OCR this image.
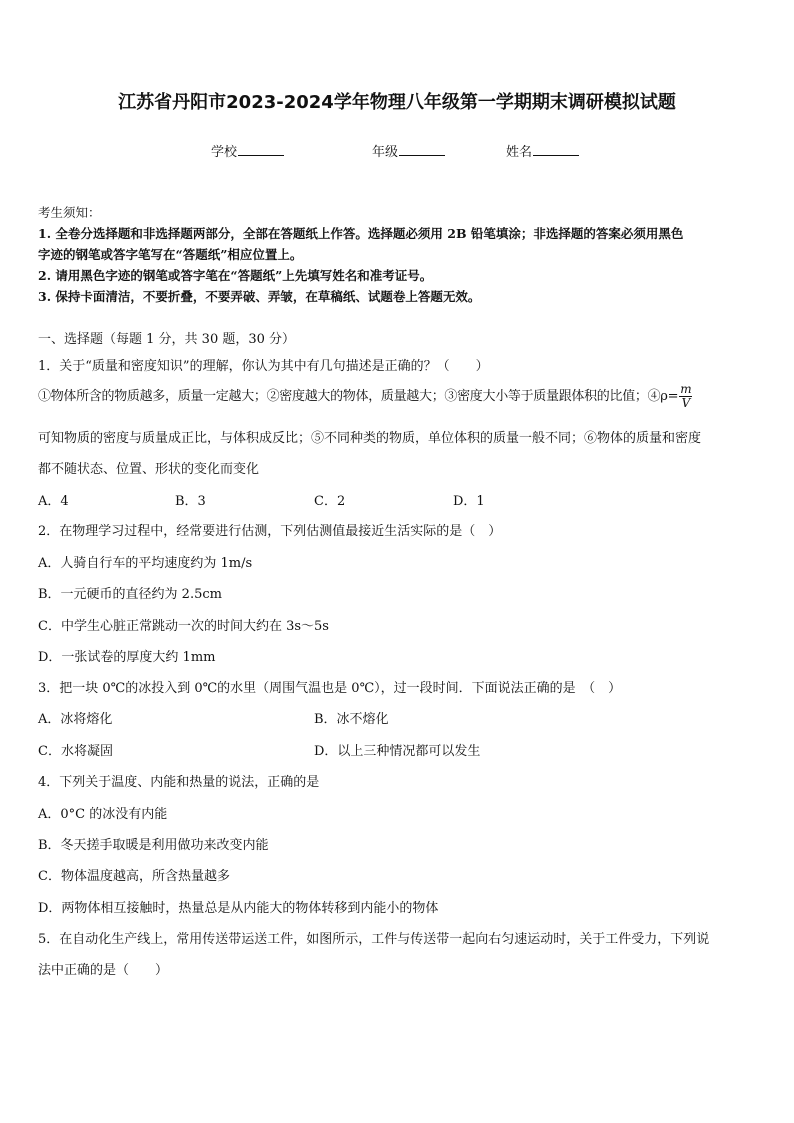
江苏省丹阳市2023-2024学年物理八年级第一学期期末调研模拟试题
学校	年级	姓名
考生须知：
1. 全卷分选择题和非选择题两部分，全部在答题纸上作答。选择题必须用 2B 铅笔填涂；非选择题的答案必须用黑色
字迹的钢笔或答字笔写在“答题纸”相应位置上。
2. 请用黑色字迹的钢笔或答字笔在“答题纸”上先填写姓名和准考证号。
3. 保持卡面清洁，不要折叠，不要弄破、弄皱，在草稿纸、试题卷上答题无效。
一、选择题（每题 1 分，共 30 题，30 分）
1．关于“质量和密度知识”的理解，你认为其中有几句描述是正确的？（　　）
①物体所含的物质越多，质量一定越大；②密度越大的物体，质量越大；③密度大小等于质量跟体积的比值；④ρ= $\frac{m}{V}$
可知物质的密度与质量成正比，与体积成反比；⑤不同种类的物质，单位体积的质量一般不同；⑥物体的质量和密度
都不随状态、位置、形状的变化而变化
A．4	B．3	C．2	D．1
2．在物理学习过程中，经常要进行估测，下列估测值最接近生活实际的是（　）
A．人骑自行车的平均速度约为 1m/s
B．一元硬币的直径约为 2.5cm
C．中学生心脏正常跳动一次的时间大约在 3s～5s
D．一张试卷的厚度大约 1mm
3．把一块 0℃的冰投入到 0℃的水里（周围气温也是 0℃），过一段时间．下面说法正确的是　（　）
A．冰将熔化	B．冰不熔化
C．水将凝固	D．以上三种情况都可以发生
4．下列关于温度、内能和热量的说法，正确的是
A．0°C 的冰没有内能
B．冬天搓手取暖是利用做功来改变内能
C．物体温度越高，所含热量越多
D．两物体相互接触时，热量总是从内能大的物体转移到内能小的物体
5．在自动化生产线上，常用传送带运送工件，如图所示，工件与传送带一起向右匀速运动时，关于工件受力，下列说
法中正确的是（　　）
